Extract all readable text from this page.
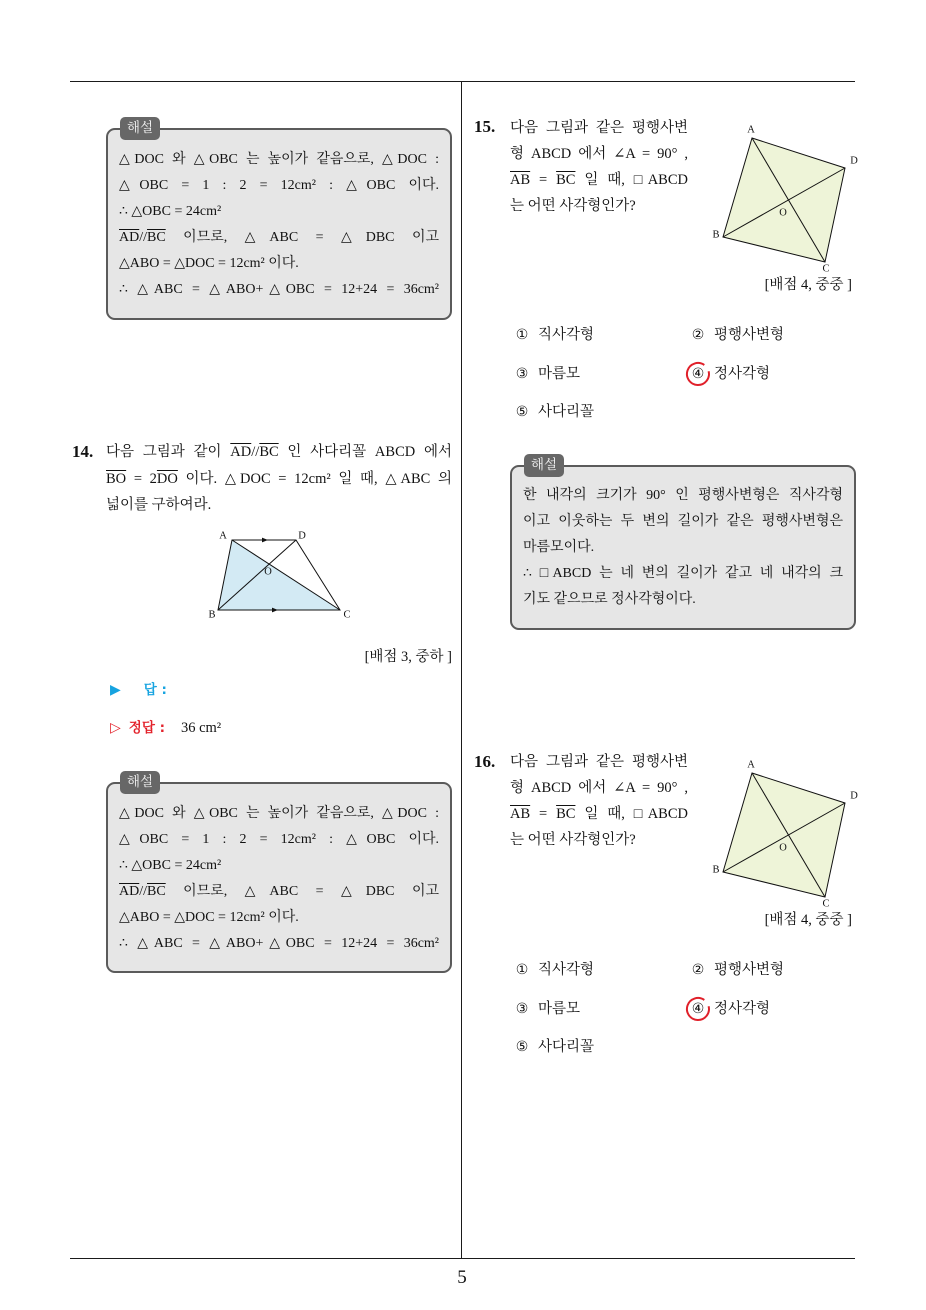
5
△DOC 와 △OBC 는 높이가 같음으로, △DOC :
△OBC = 1 : 2 = 12cm² : △OBC 이다.
∴ △OBC = 24cm²
$\overline{AD}//\overline{BC}$ 이므로, △ABC = △DBC 이고
△ABO = △DOC = 12cm² 이다.
∴ △ABC = △ABO+△OBC = 12+24 = 36cm²
해설
14. 다음 그림과 같이 $\overline{AD}//\overline{BC}$ 인 사다리꼴 ABCD 에서
$\overline{BO} = 2\overline{DO}$ 이다. △DOC = 12cm² 일 때, △ABC 의
넓이를 구하여라.
A	D
B	C
O
[배점 3, 중하 ]
▶ 답 :
▷ 정답 : 36 cm²
△DOC 와 △OBC 는 높이가 같음으로, △DOC :
△OBC = 1 : 2 = 12cm² : △OBC 이다.
∴ △OBC = 24cm²
$\overline{AD}//\overline{BC}$ 이므로, △ABC = △DBC 이고
△ABO = △DOC = 12cm² 이다.
∴ △ABC = △ABO+△OBC = 12+24 = 36cm²
해설
15. 다음 그림과 같은 평행사변
형 ABCD 에서 ∠A = 90° ,
$\overline{AB} = \overline{BC}$ 일 때, □ABCD
는 어떤 사각형인가?
A
D
B
C
O
[배점 4, 중중 ]
① 직사각형	② 평행사변형
③ 마름모	④ 정사각형
⑤ 사다리꼴
한 내각의 크기가 90° 인 평행사변형은 직사각형
이고 이웃하는 두 변의 길이가 같은 평행사변형은
마름모이다.
∴ □ABCD 는 네 변의 길이가 같고 네 내각의 크
기도 같으므로 정사각형이다.
해설
16. 다음 그림과 같은 평행사변
형 ABCD 에서 ∠A = 90° ,
$\overline{AB} = \overline{BC}$ 일 때, □ABCD
는 어떤 사각형인가?
A
D
B
C
O
[배점 4, 중중 ]
① 직사각형	② 평행사변형
③ 마름모	④ 정사각형
⑤ 사다리꼴
